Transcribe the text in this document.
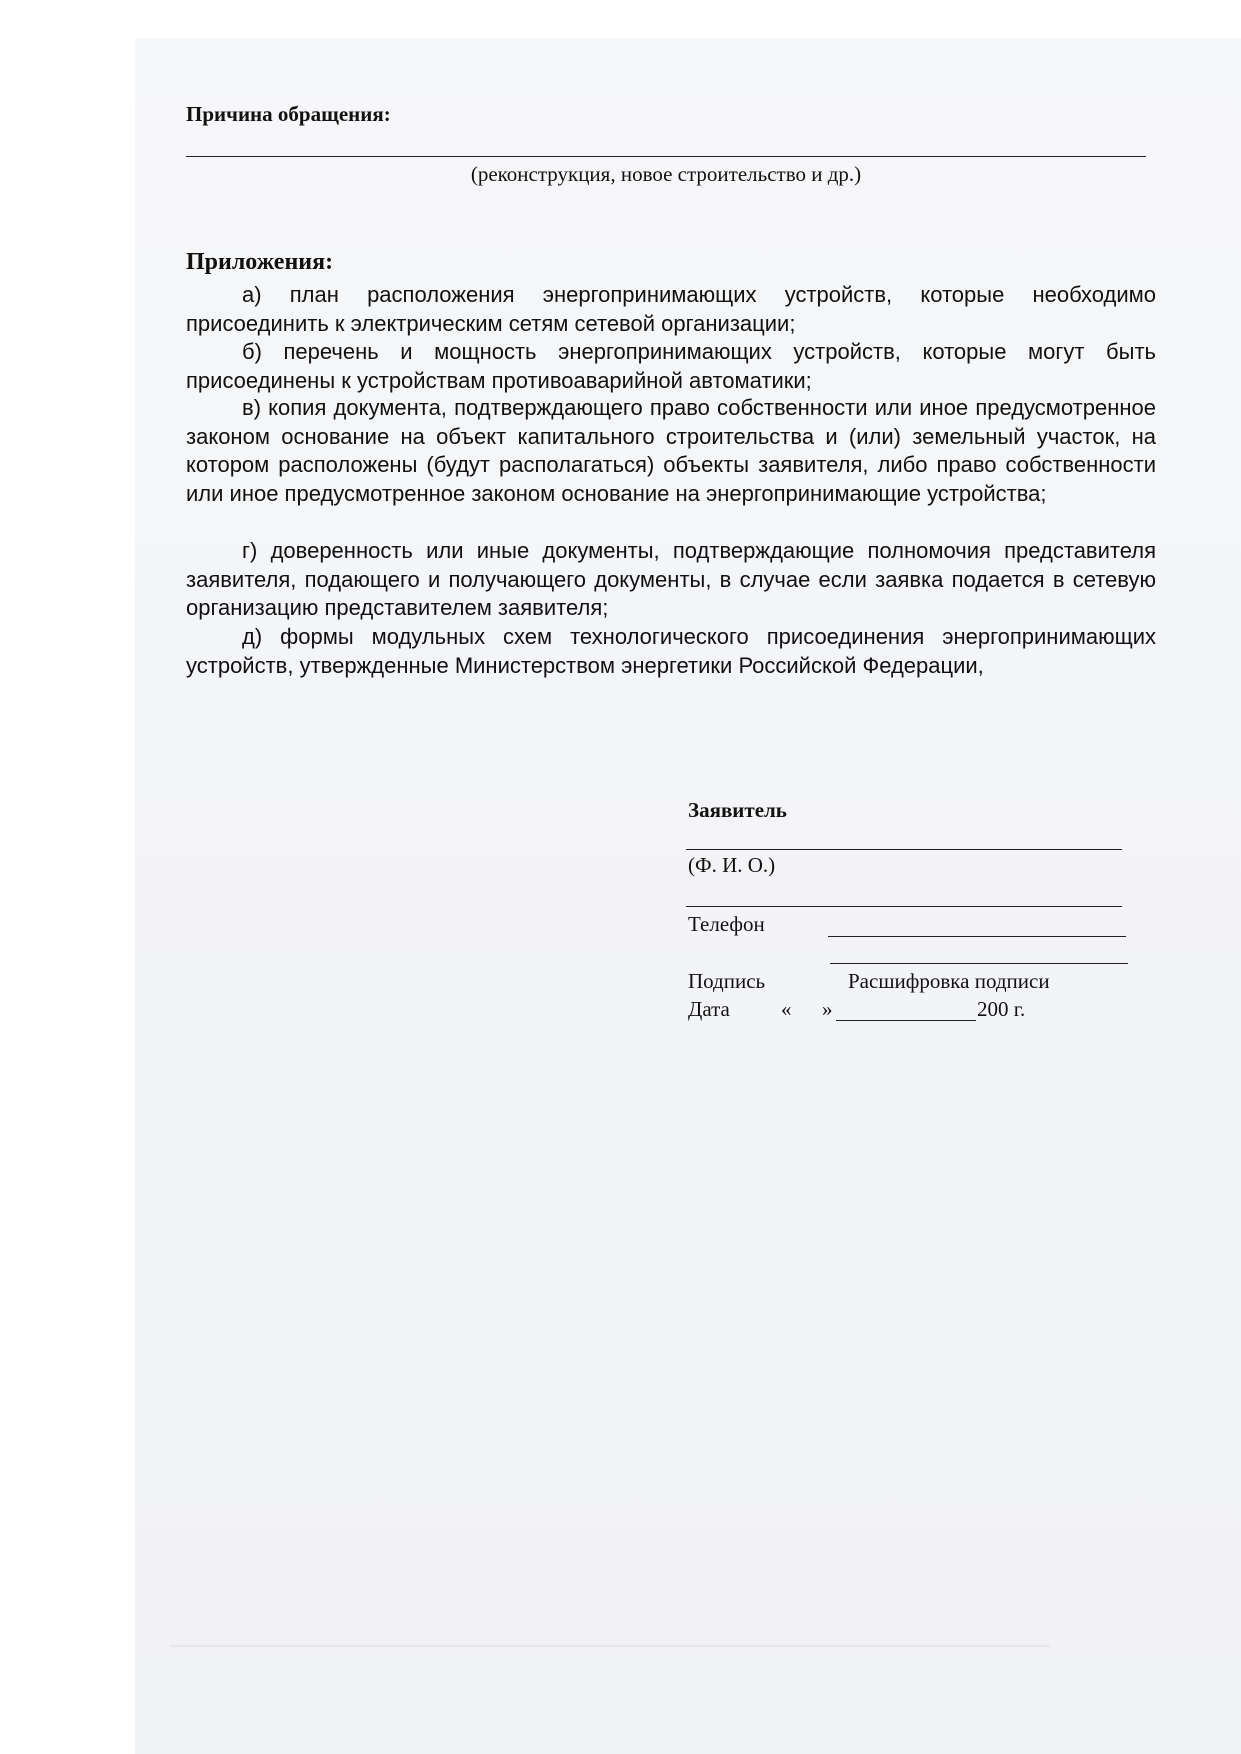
Причина обращения:
(реконструкция, новое строительство и др.)
Приложения:
а) план расположения энергопринимающих устройств, которые необходимо присоединить к электрическим сетям сетевой организации;
б) перечень и мощность энергопринимающих устройств, которые могут быть присоединены к устройствам противоаварийной автоматики;
в) копия документа, подтверждающего право собственности или иное предусмотренное законом основание на объект капитального строительства и (или) земельный участок, на котором расположены (будут располагаться) объекты заявителя, либо право собственности или иное предусмотренное законом основание на энергопринимающие устройства;
г) доверенность или иные документы, подтверждающие полномочия представителя заявителя, подающего и получающего документы, в случае если заявка подается в сетевую организацию представителем заявителя;
д) формы модульных схем технологического присоединения энергопринимающих устройств, утвержденные Министерством энергетики Российской Федерации,
Заявитель
(Ф. И. О.)
Телефон
Подпись	Расшифровка подписи
Дата « »	200 г.
